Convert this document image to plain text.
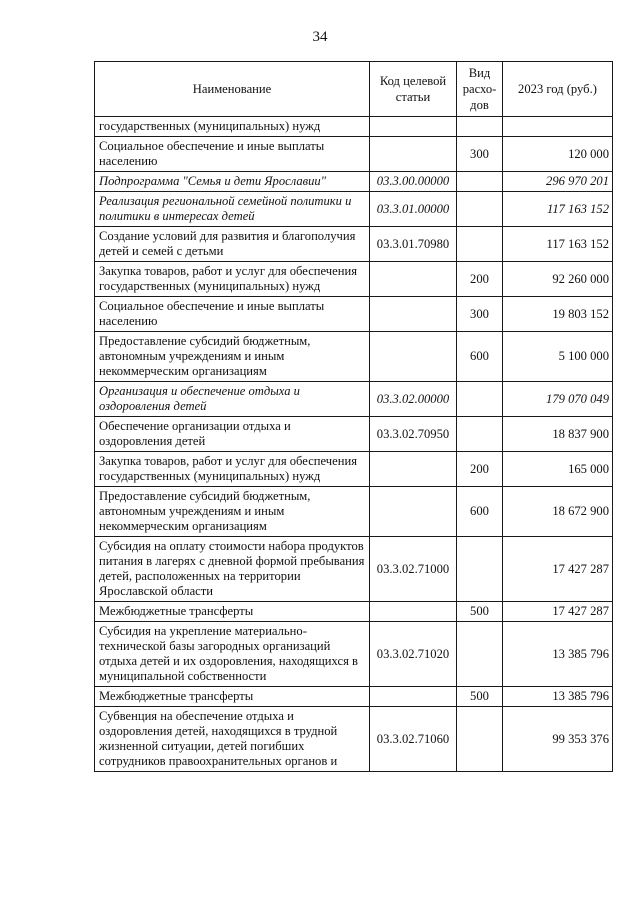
34
Наименование	Код целевой статьи	Вид расхо-дов	2023 год (руб.)
государственных (муниципальных) нужд			
Социальное обеспечение и иные выплаты населению		300	120 000
Подпрограмма "Семья и дети Ярославии"	03.3.00.00000		296 970 201
Реализация региональной семейной политики и политики в интересах детей	03.3.01.00000		117 163 152
Создание условий для развития и благополучия детей и семей с детьми	03.3.01.70980		117 163 152
Закупка товаров, работ и услуг для обеспечения государственных (муниципальных) нужд		200	92 260 000
Социальное обеспечение и иные выплаты населению		300	19 803 152
Предоставление субсидий бюджетным, автономным учреждениям и иным некоммерческим организациям		600	5 100 000
Организация и обеспечение отдыха и оздоровления детей	03.3.02.00000		179 070 049
Обеспечение организации отдыха и оздоровления детей	03.3.02.70950		18 837 900
Закупка товаров, работ и услуг для обеспечения государственных (муниципальных) нужд		200	165 000
Предоставление субсидий бюджетным, автономным учреждениям и иным некоммерческим организациям		600	18 672 900
Субсидия на оплату стоимости набора продуктов питания в лагерях с дневной формой пребывания детей, расположенных на территории Ярославской области	03.3.02.71000		17 427 287
Межбюджетные трансферты		500	17 427 287
Субсидия на укрепление материально-технической базы загородных организаций отдыха детей и их оздоровления, находящихся в муниципальной собственности	03.3.02.71020		13 385 796
Межбюджетные трансферты		500	13 385 796
Субвенция на обеспечение отдыха и оздоровления детей, находящихся в трудной жизненной ситуации, детей погибших сотрудников правоохранительных органов и	03.3.02.71060		99 353 376
